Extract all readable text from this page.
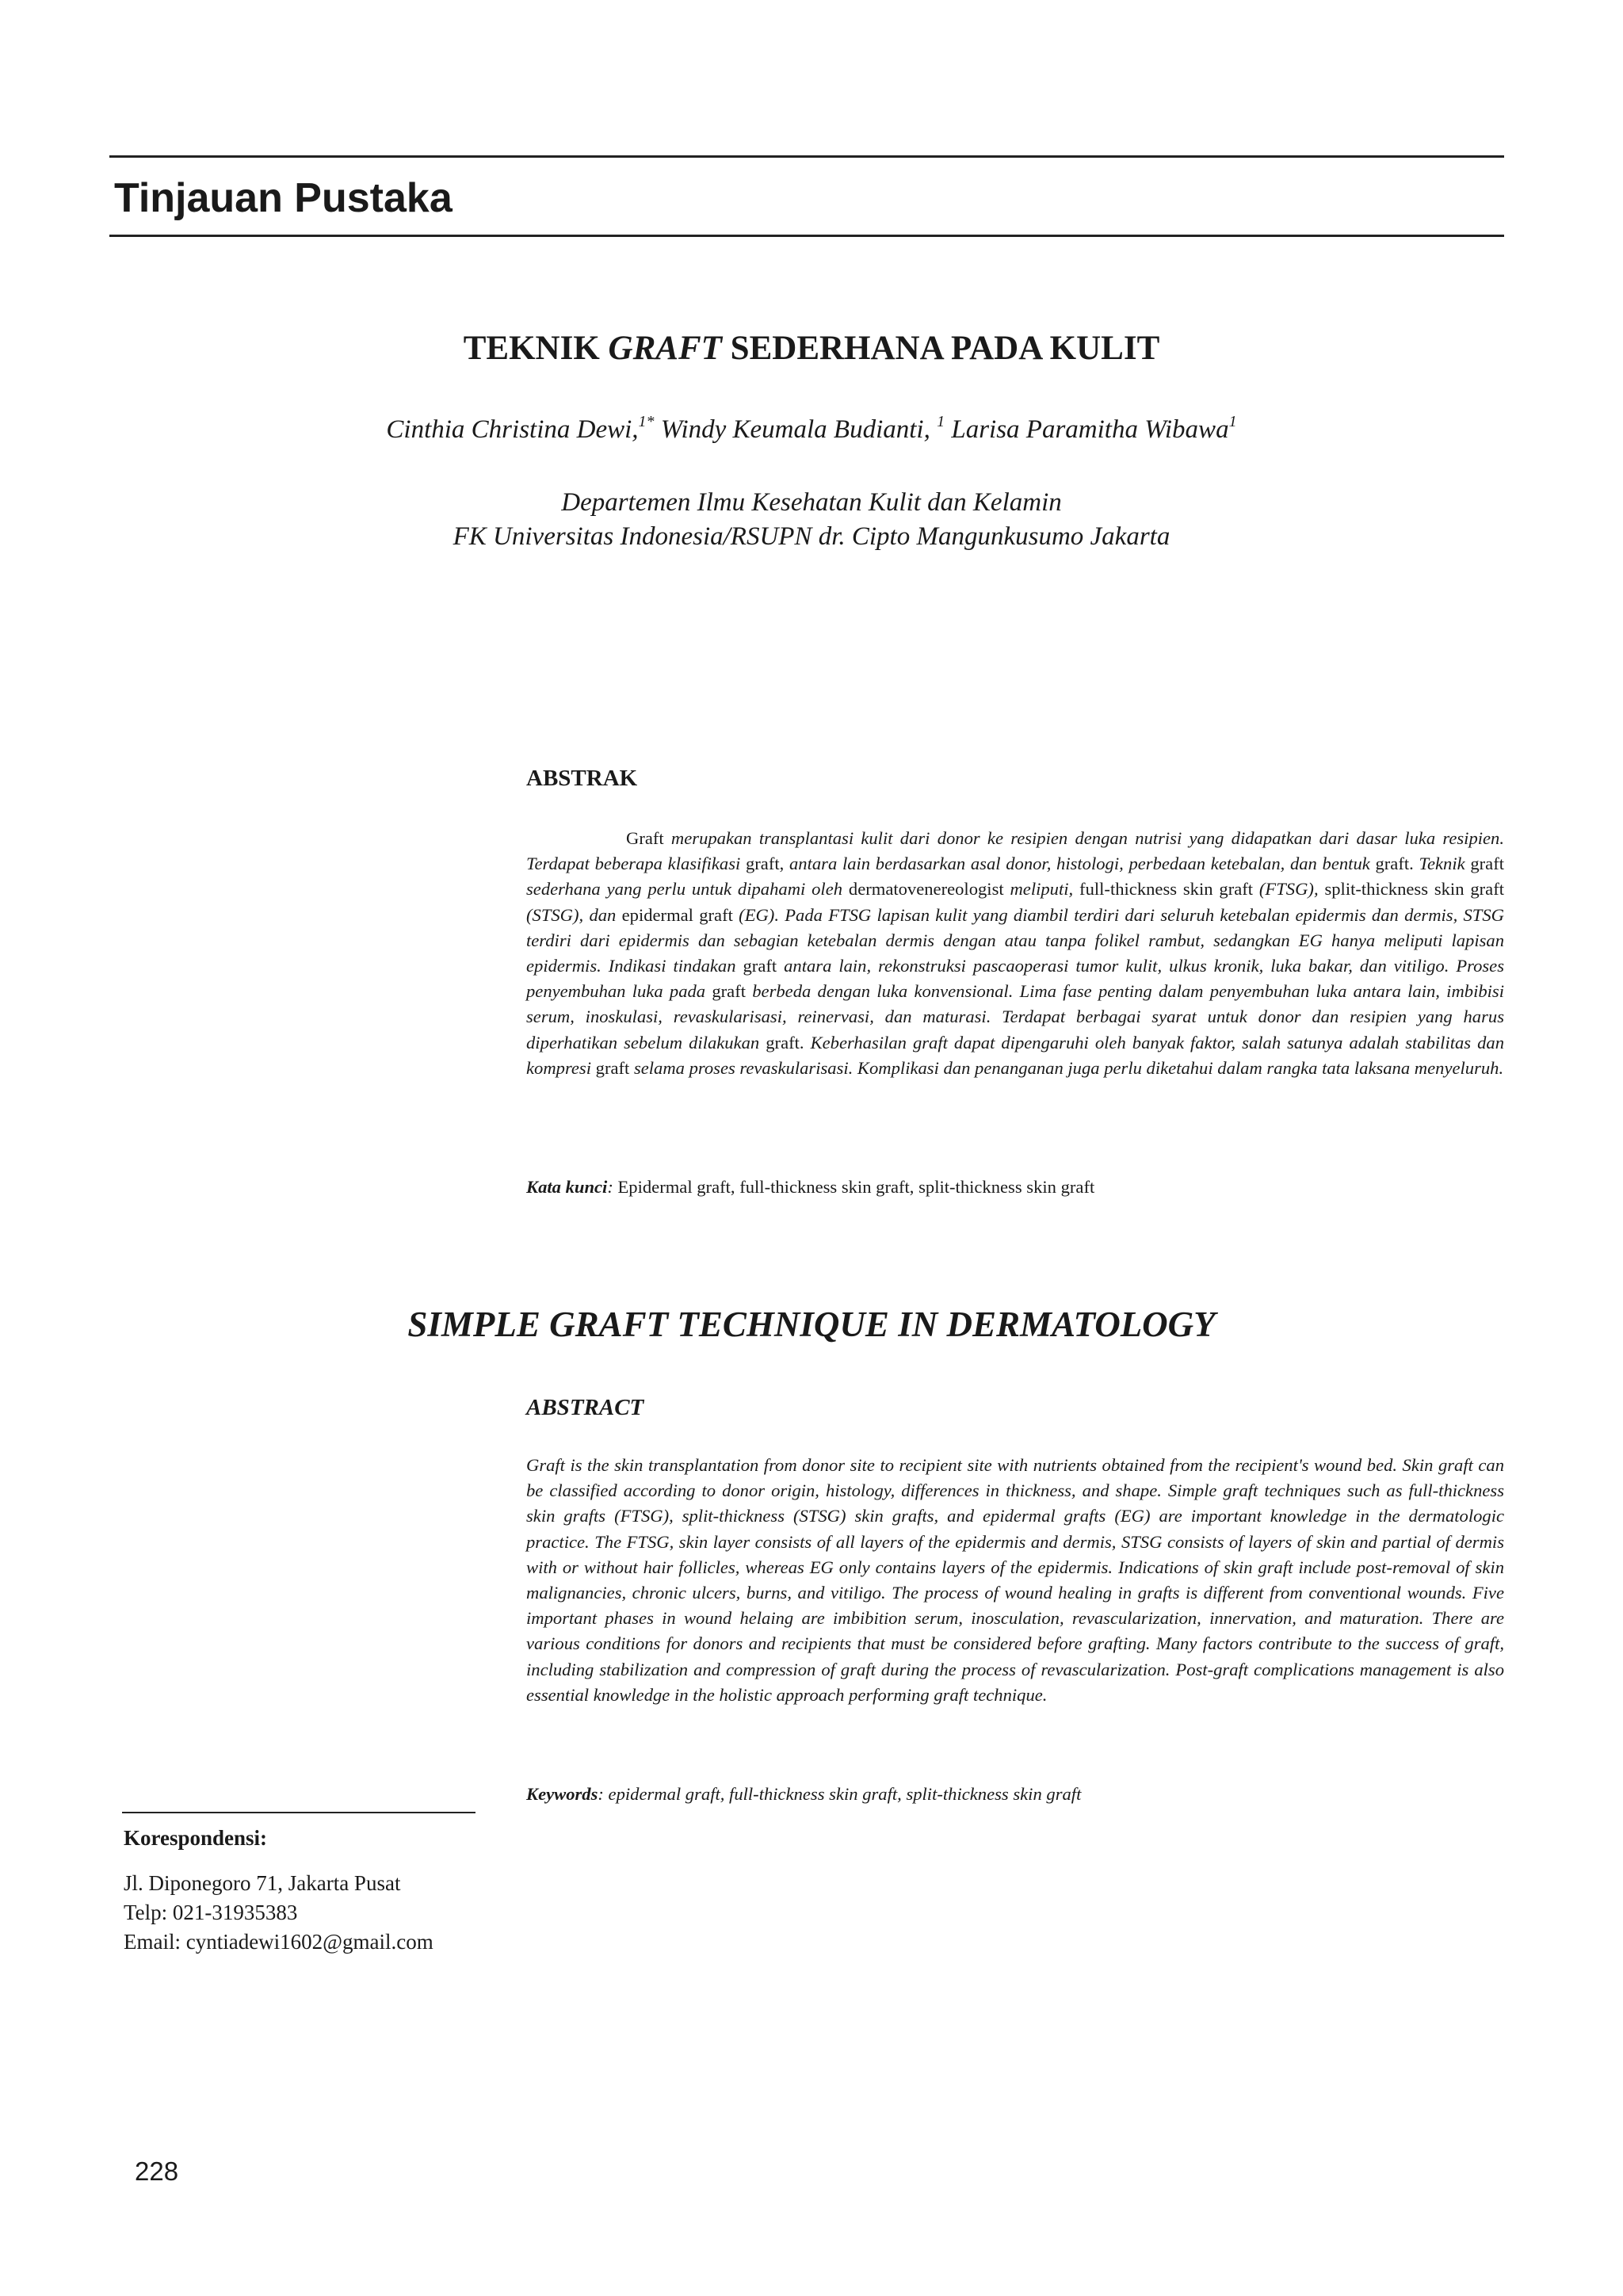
Tinjauan Pustaka
TEKNIK GRAFT SEDERHANA PADA KULIT
Cinthia Christina Dewi,$^{1*}$ Windy Keumala Budianti, $^1$ Larisa Paramitha Wibawa$^1$
Departemen Ilmu Kesehatan Kulit dan Kelamin
FK Universitas Indonesia/RSUPN dr. Cipto Mangunkusumo Jakarta
ABSTRAK

Graft merupakan transplantasi kulit dari donor ke resipien dengan nutrisi yang didapatkan dari dasar luka resipien. Terdapat beberapa klasifikasi graft, antara lain berdasarkan asal donor, histologi, perbedaan ketebalan, dan bentuk graft. Teknik graft sederhana yang perlu untuk dipahami oleh dermatovenereologist meliputi, full-thickness skin graft (FTSG), split-thickness skin graft (STSG), dan epidermal graft (EG). Pada FTSG lapisan kulit yang diambil terdiri dari seluruh ketebalan epidermis dan dermis, STSG terdiri dari epidermis dan sebagian ketebalan dermis dengan atau tanpa folikel rambut, sedangkan EG hanya meliputi lapisan epidermis. Indikasi tindakan graft antara lain, rekonstruksi pascaoperasi tumor kulit, ulkus kronik, luka bakar, dan vitiligo. Proses penyembuhan luka pada graft berbeda dengan luka konvensional. Lima fase penting dalam penyembuhan luka antara lain, imbibisi serum, inoskulasi, revaskularisasi, reinervasi, dan maturasi. Terdapat berbagai syarat untuk donor dan resipien yang harus diperhatikan sebelum dilakukan graft. Keberhasilan graft dapat dipengaruhi oleh banyak faktor, salah satunya adalah stabilitas dan kompresi graft selama proses revaskularisasi. Komplikasi dan penanganan juga perlu diketahui dalam rangka tata laksana menyeluruh.

Kata kunci: Epidermal graft, full-thickness skin graft, split-thickness skin graft
SIMPLE GRAFT TECHNIQUE IN DERMATOLOGY
ABSTRACT

Graft is the skin transplantation from donor site to recipient site with nutrients obtained from the recipient's wound bed. Skin graft can be classified according to donor origin, histology, differences in thickness, and shape. Simple graft techniques such as full-thickness skin grafts (FTSG), split-thickness (STSG) skin grafts, and epidermal grafts (EG) are important knowledge in the dermatologic practice. The FTSG, skin layer consists of all layers of the epidermis and dermis, STSG consists of layers of skin and partial of dermis with or without hair follicles, whereas EG only contains layers of the epidermis. Indications of skin graft include post-removal of skin malignancies, chronic ulcers, burns, and vitiligo. The process of wound healing in grafts is different from conventional wounds. Five important phases in wound helaing are imbibition serum, inosculation, revascularization, innervation, and maturation. There are various conditions for donors and recipients that must be considered before grafting. Many factors contribute to the success of graft, including stabilization and compression of graft during the process of revascularization. Post-graft complications management is also essential knowledge in the holistic approach performing graft technique.

Keywords: epidermal graft, full-thickness skin graft, split-thickness skin graft
Korespondensi:
Jl. Diponegoro 71, Jakarta Pusat
Telp: 021-31935383
Email: cyntiadewi1602@gmail.com
228
